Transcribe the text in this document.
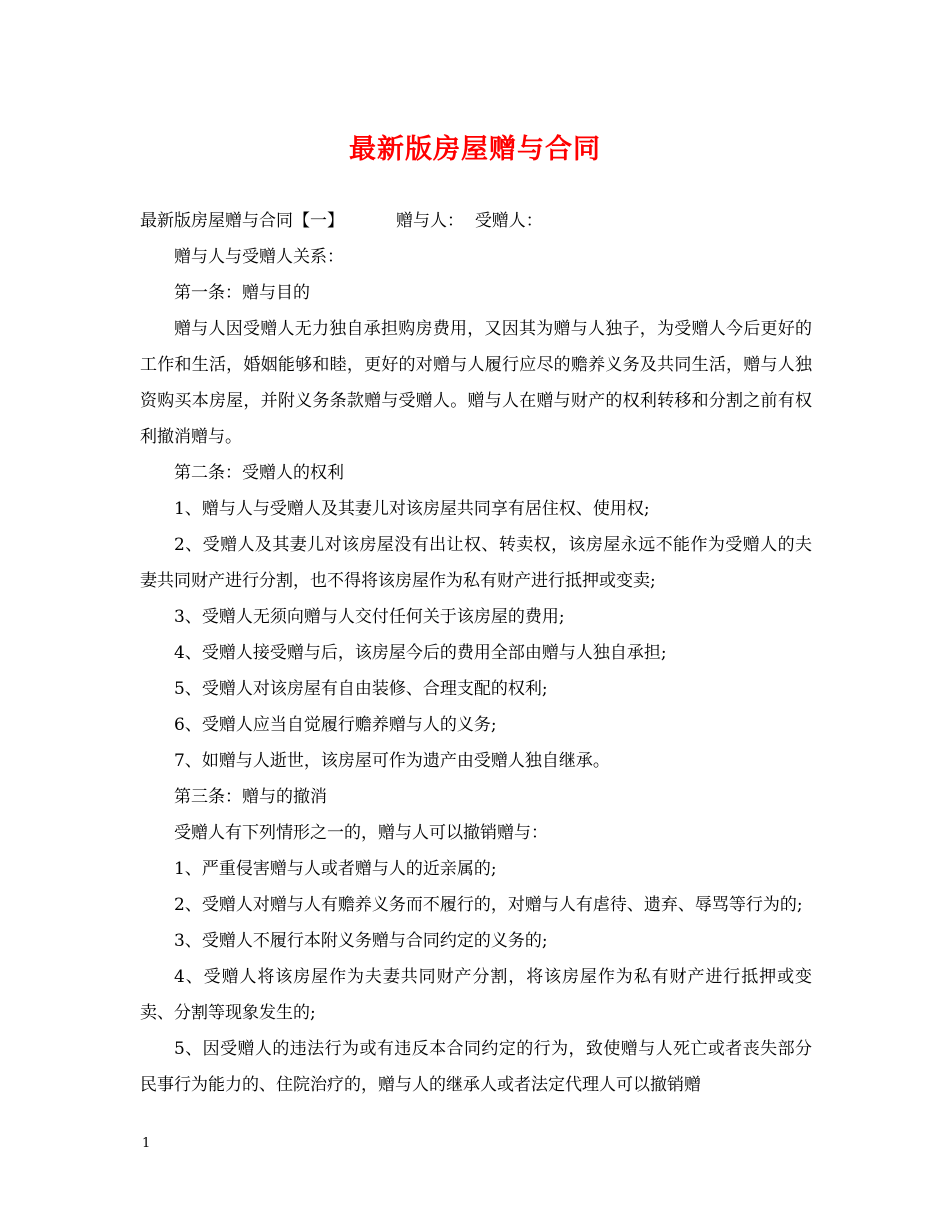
最新版房屋赠与合同

最新版房屋赠与合同【一】	赠与人： 受赠人：

赠与人与受赠人关系：

第一条：赠与目的

赠与人因受赠人无力独自承担购房费用，又因其为赠与人独子，为受赠人今后更好的工作和生活，婚姻能够和睦，更好的对赠与人履行应尽的赡养义务及共同生活，赠与人独资购买本房屋，并附义务条款赠与受赠人。赠与人在赠与财产的权利转移和分割之前有权利撤消赠与。

第二条：受赠人的权利

1、赠与人与受赠人及其妻儿对该房屋共同享有居住权、使用权;

2、受赠人及其妻儿对该房屋没有出让权、转卖权，该房屋永远不能作为受赠人的夫妻共同财产进行分割，也不得将该房屋作为私有财产进行抵押或变卖;

3、受赠人无须向赠与人交付任何关于该房屋的费用;

4、受赠人接受赠与后，该房屋今后的费用全部由赠与人独自承担;

5、受赠人对该房屋有自由装修、合理支配的权利;

6、受赠人应当自觉履行赡养赠与人的义务;

7、如赠与人逝世，该房屋可作为遗产由受赠人独自继承。

第三条：赠与的撤消

受赠人有下列情形之一的，赠与人可以撤销赠与：

1、严重侵害赠与人或者赠与人的近亲属的;

2、受赠人对赠与人有赡养义务而不履行的，对赠与人有虐待、遗弃、辱骂等行为的;

3、受赠人不履行本附义务赠与合同约定的义务的;

4、受赠人将该房屋作为夫妻共同财产分割，将该房屋作为私有财产进行抵押或变卖、分割等现象发生的;

5、因受赠人的违法行为或有违反本合同约定的行为，致使赠与人死亡或者丧失部分民事行为能力的、住院治疗的，赠与人的继承人或者法定代理人可以撤销赠

1
